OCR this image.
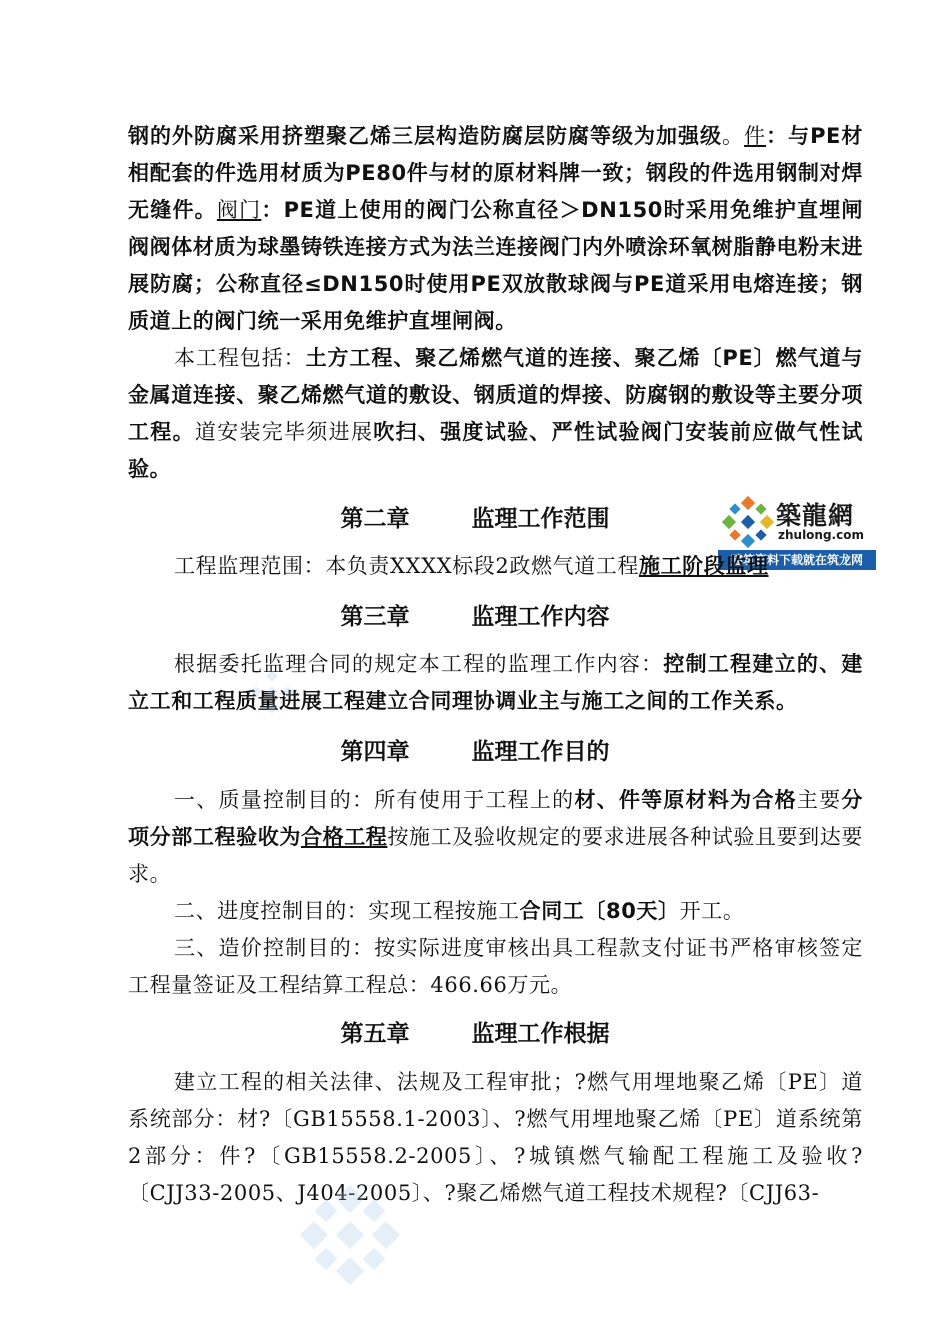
钢的外防腐采用挤塑聚乙烯三层构造防腐层防腐等级为加强级。件：与PE材相配套的件选用材质为PE80件与材的原材料牌一致；钢段的件选用钢制对焊无缝件。阀门：PE道上使用的阀门公称直径＞DN150时采用免维护直埋闸阀阀体材质为球墨铸铁连接方式为法兰连接阀门内外喷涂环氧树脂静电粉末进展防腐；公称直径≤DN150时使用PE双放散球阀与PE道采用电熔连接；钢质道上的阀门统一采用免维护直埋闸阀。

本工程包括：土方工程、聚乙烯燃气道的连接、聚乙烯〔PE〕燃气道与金属道连接、聚乙烯燃气道的敷设、钢质道的焊接、防腐钢的敷设等主要分项工程。道安装完毕须进展吹扫、强度试验、严性试验阀门安装前应做气性试验。

第二章	监理工作范围	築龍網
zhulong.com
建筑资料下载就在筑龙网

工程监理范围：本负责XXXX标段2政燃气道工程施工阶段监理

第三章	监理工作内容

根据委托监理合同的规定本工程的监理工作内容：控制工程建立的、建立工和工程质量进展工程建立合同理协调业主与施工之间的工作关系。

第四章	监理工作目的

一、质量控制目的：所有使用于工程上的材、件等原材料为合格主要分项分部工程验收为合格工程按施工及验收规定的要求进展各种试验且要到达要求。

二、进度控制目的：实现工程按施工合同工〔80天〕开工。

三、造价控制目的：按实际进度审核出具工程款支付证书严格审核签定工程量签证及工程结算工程总：466.66万元。

第五章	监理工作根据

建立工程的相关法律、法规及工程审批；?燃气用埋地聚乙烯〔PE〕道系统部分：材?〔GB15558.1-2003〕、?燃气用埋地聚乙烯〔PE〕道系统第2部分：件?〔GB15558.2-2005〕、?城镇燃气输配工程施工及验收?〔CJJ33-2005、J404-2005〕、?聚乙烯燃气道工程技术规程?〔CJJ63-
